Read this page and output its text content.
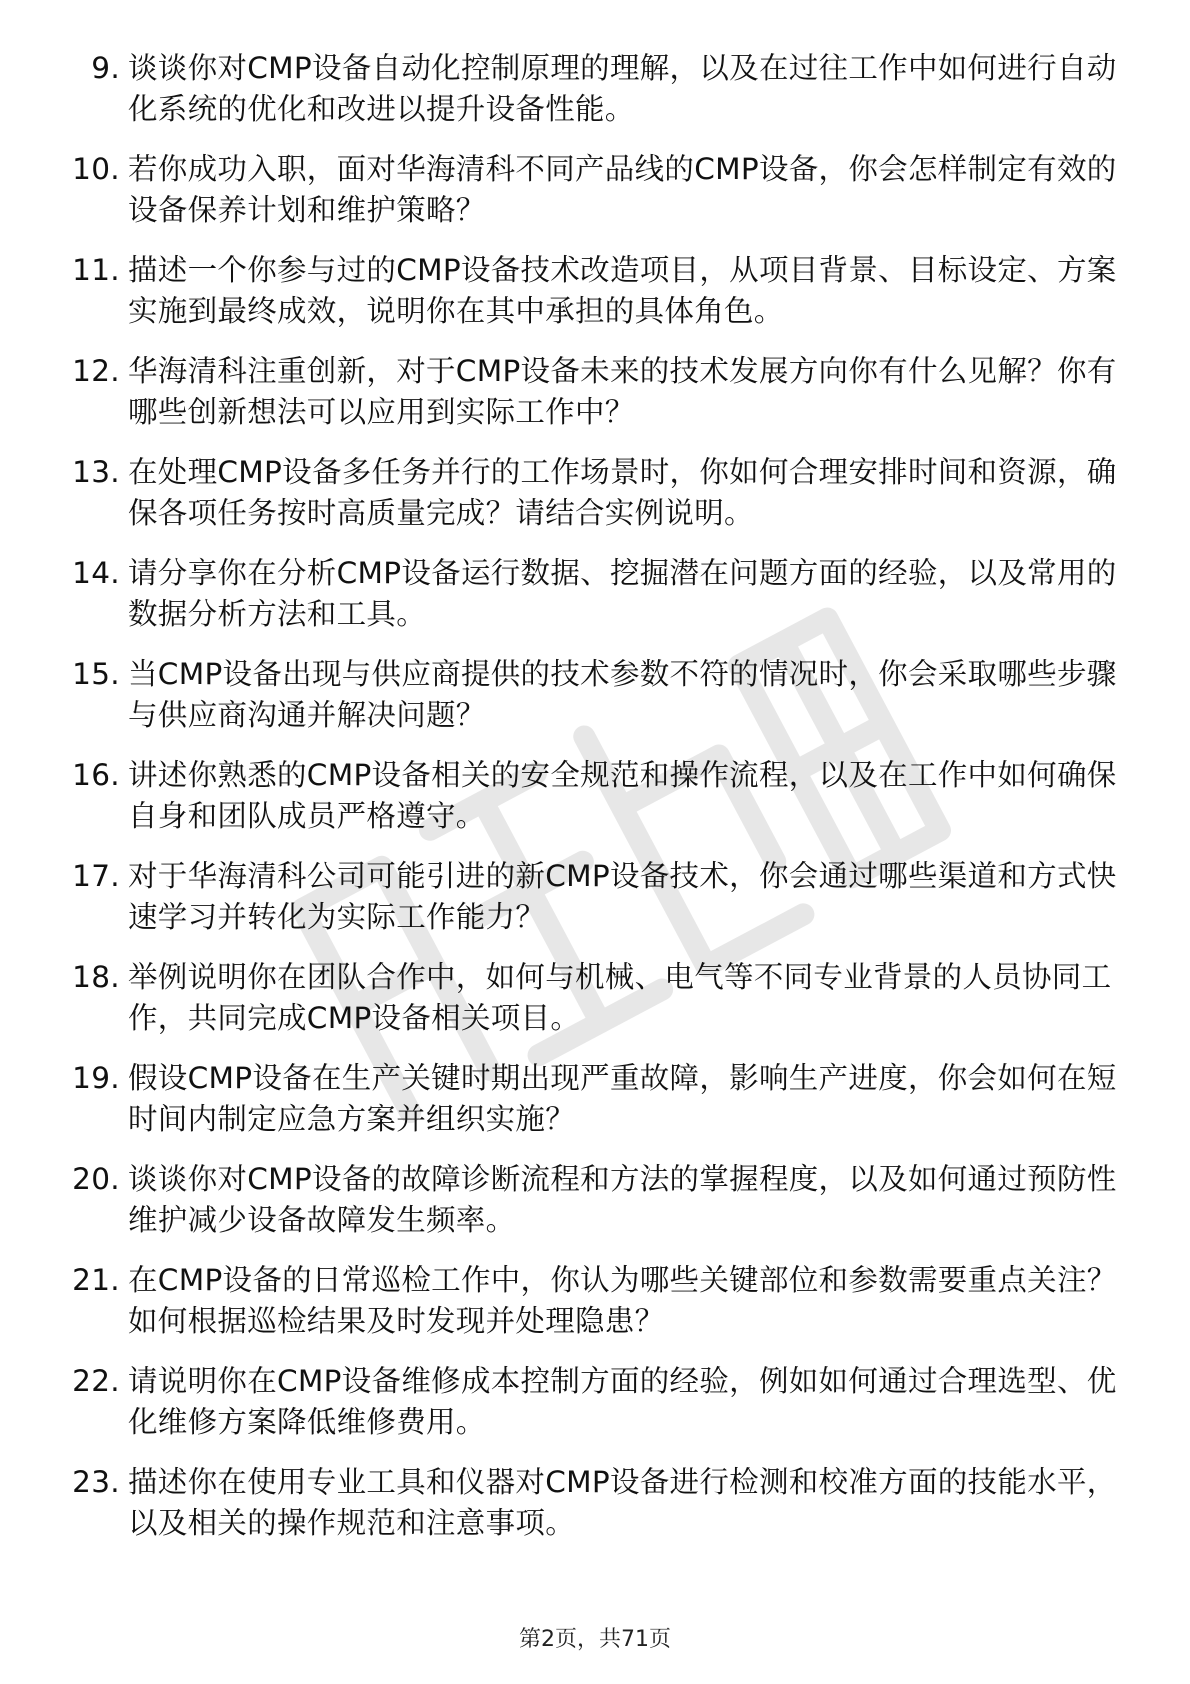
9. 谈谈你对CMP设备自动化控制原理的理解，以及在过往工作中如何进行自动化系统的优化和改进以提升设备性能。
10. 若你成功入职，面对华海清科不同产品线的CMP设备，你会怎样制定有效的设备保养计划和维护策略？
11. 描述一个你参与过的CMP设备技术改造项目，从项目背景、目标设定、方案实施到最终成效，说明你在其中承担的具体角色。
12. 华海清科注重创新，对于CMP设备未来的技术发展方向你有什么见解？你有哪些创新想法可以应用到实际工作中？
13. 在处理CMP设备多任务并行的工作场景时，你如何合理安排时间和资源，确保各项任务按时高质量完成？请结合实例说明。
14. 请分享你在分析CMP设备运行数据、挖掘潜在问题方面的经验，以及常用的数据分析方法和工具。
15. 当CMP设备出现与供应商提供的技术参数不符的情况时，你会采取哪些步骤与供应商沟通并解决问题？
16. 讲述你熟悉的CMP设备相关的安全规范和操作流程，以及在工作中如何确保自身和团队成员严格遵守。
17. 对于华海清科公司可能引进的新CMP设备技术，你会通过哪些渠道和方式快速学习并转化为实际工作能力？
18. 举例说明你在团队合作中，如何与机械、电气等不同专业背景的人员协同工作，共同完成CMP设备相关项目。
19. 假设CMP设备在生产关键时期出现严重故障，影响生产进度，你会如何在短时间内制定应急方案并组织实施？
20. 谈谈你对CMP设备的故障诊断流程和方法的掌握程度，以及如何通过预防性维护减少设备故障发生频率。
21. 在CMP设备的日常巡检工作中，你认为哪些关键部位和参数需要重点关注？如何根据巡检结果及时发现并处理隐患？
22. 请说明你在CMP设备维修成本控制方面的经验，例如如何通过合理选型、优化维修方案降低维修费用。
23. 描述你在使用专业工具和仪器对CMP设备进行检测和校准方面的技能水平，以及相关的操作规范和注意事项。
第2页，共71页
